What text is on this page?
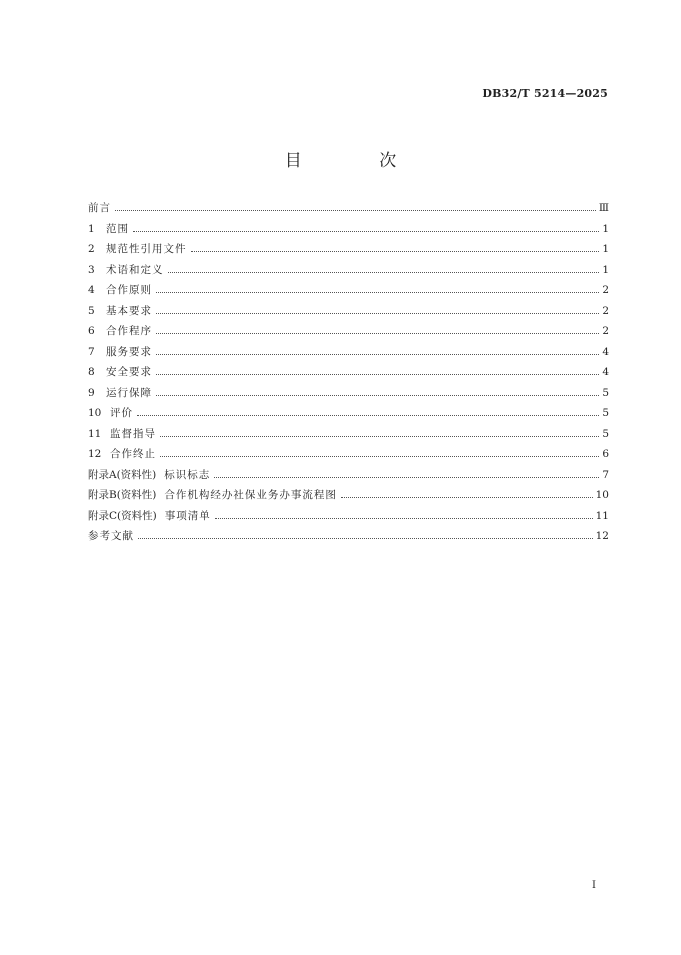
DB32/T 5214—2025
目 次
前言	Ⅲ
1	范围	1
2	规范性引用文件	1
3	术语和定义	1
4	合作原则	2
5	基本要求	2
6	合作程序	2
7	服务要求	4
8	安全要求	4
9	运行保障	5
10 评价	5
11 监督指导	5
12 合作终止	6
附录A(资料性) 标识标志	7
附录B(资料性) 合作机构经办社保业务办事流程图	10
附录C(资料性) 事项清单	11
参考文献	12
Ⅰ
